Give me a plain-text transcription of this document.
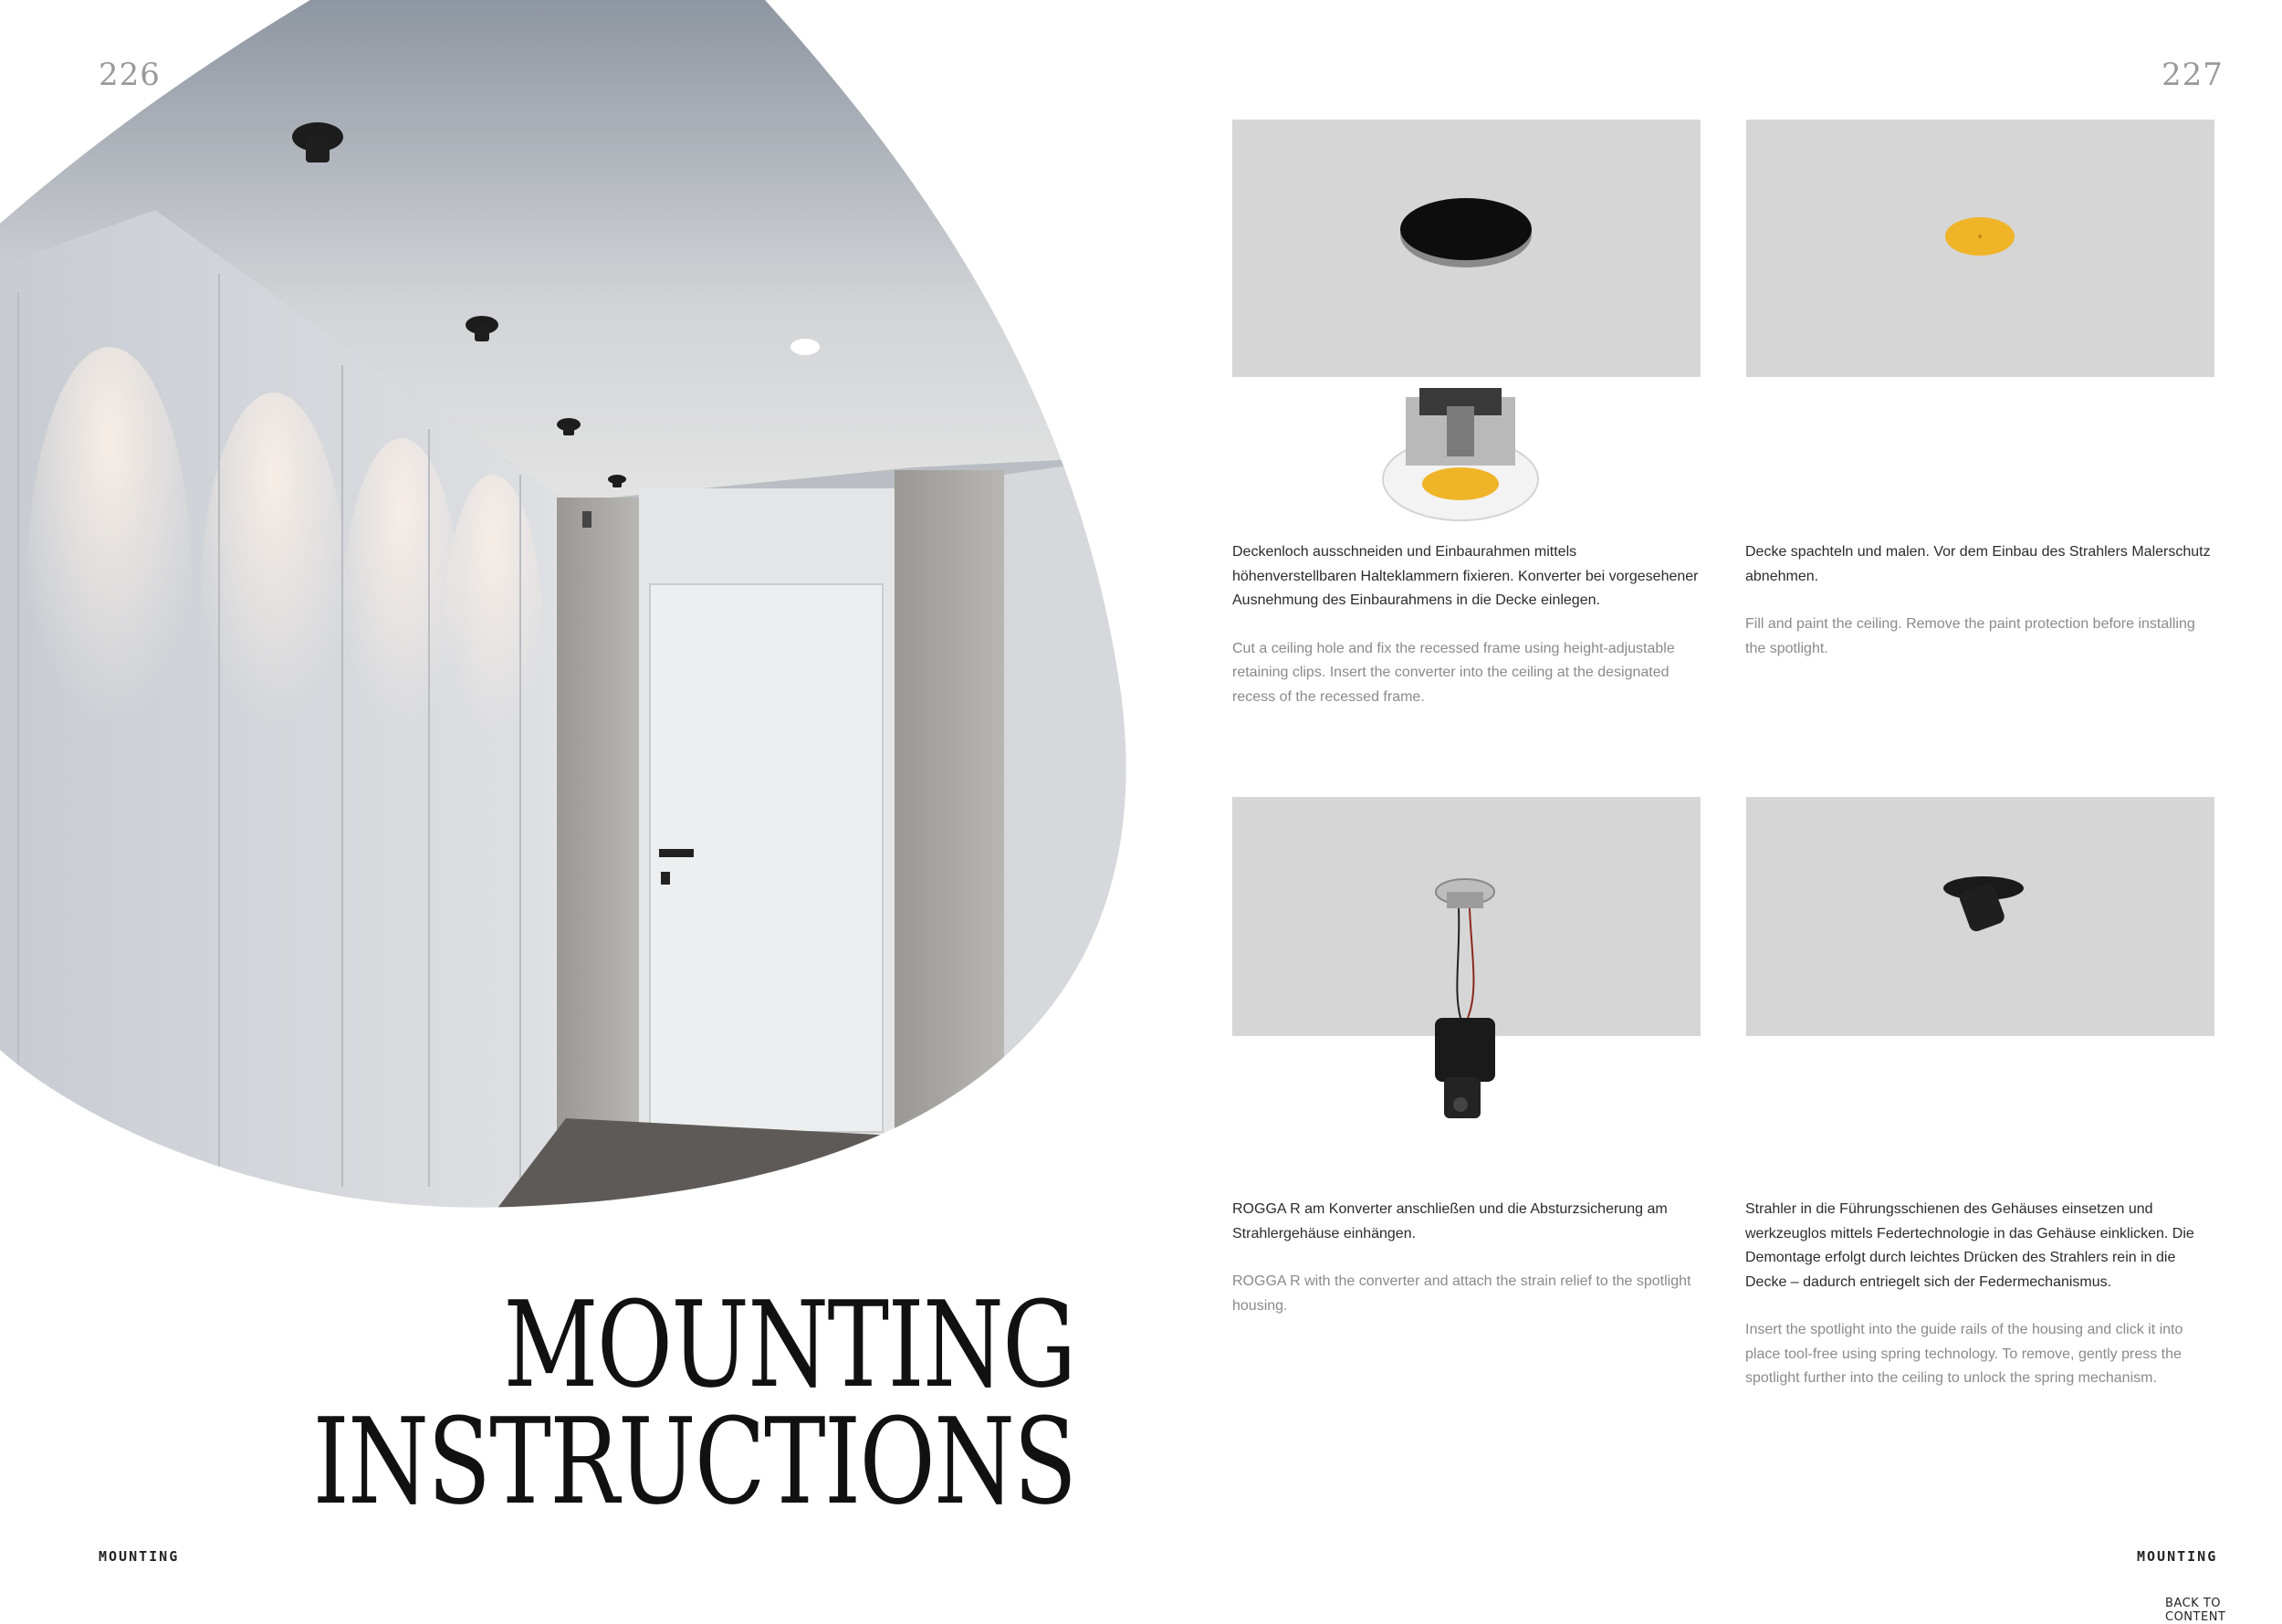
226	227
MOUNTING
INSTRUCTIONS

Deckenloch ausschneiden und Einbaurahmen mittels höhenverstellbaren Halteklammern fixieren. Konverter bei vorgesehener Ausnehmung des Einbaurahmens in die Decke einlegen.

Cut a ceiling hole and fix the recessed frame using height-adjustable retaining clips. Insert the converter into the ceiling at the designated recess of the recessed frame.

Decke spachteln und malen. Vor dem Einbau des Strahlers Malerschutz abnehmen.

Fill and paint the ceiling. Remove the paint protection before installing the spotlight.

ROGGA R am Konverter anschließen und die Absturzsicherung am Strahlergehäuse einhängen.

ROGGA R with the converter and attach the strain relief to the spotlight housing.

Strahler in die Führungsschienen des Gehäuses einsetzen und werkzeuglos mittels Federtechnologie in das Gehäuse einklicken. Die Demontage erfolgt durch leichtes Drücken des Strahlers rein in die Decke – dadurch entriegelt sich der Federmechanismus.

Insert the spotlight into the guide rails of the housing and click it into place tool-free using spring technology. To remove, gently press the spotlight further into the ceiling to unlock the spring mechanism.

MOUNTING	MOUNTING
BACK TO CONTENT
